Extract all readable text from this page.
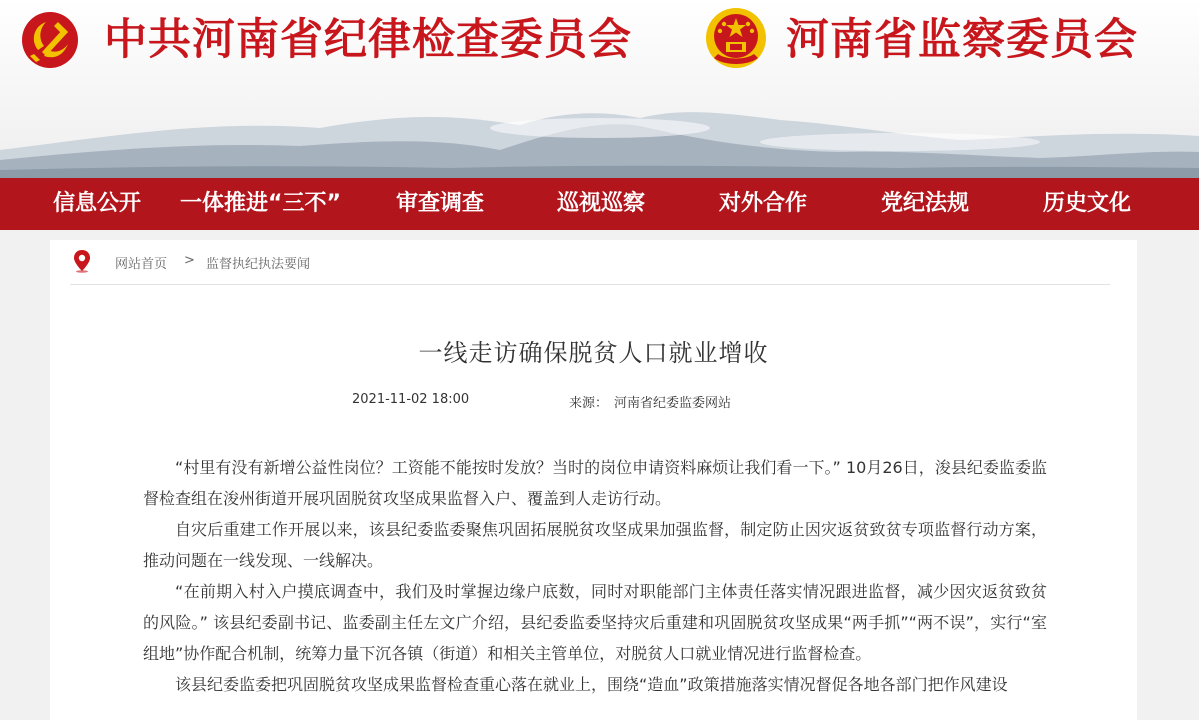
中共河南省纪律检查委员会	河南省监察委员会
信息公开 一体推进“三不”	审查调查	巡视巡察	对外合作	党纪法规	历史文化
网站首页 > 监督执纪执法要闻
一线走访确保脱贫人口就业增收
2021-11-02 18:00	来源： 河南省纪委监委网站

“村里有没有新增公益性岗位？工资能不能按时发放？当时的岗位申请资料麻烦让我们看一下。” 10月26日，浚县纪委监委监督检查组在浚州街道开展巩固脱贫攻坚成果监督入户、覆盖到人走访行动。

自灾后重建工作开展以来，该县纪委监委聚焦巩固拓展脱贫攻坚成果加强监督，制定防止因灾返贫致贫专项监督行动方案，推动问题在一线发现、一线解决。

“在前期入村入户摸底调查中，我们及时掌握边缘户底数，同时对职能部门主体责任落实情况跟进监督，减少因灾返贫致贫的风险。” 该县纪委副书记、监委副主任左文广介绍，县纪委监委坚持灾后重建和巩固脱贫攻坚成果“两手抓”“两不误”，实行“室组地”协作配合机制，统筹力量下沉各镇（街道）和相关主管单位，对脱贫人口就业情况进行监督检查。

该县纪委监委把巩固脱贫攻坚成果监督检查重心落在就业上，围绕“造血”政策措施落实情况督促各地各部门把作风建设
